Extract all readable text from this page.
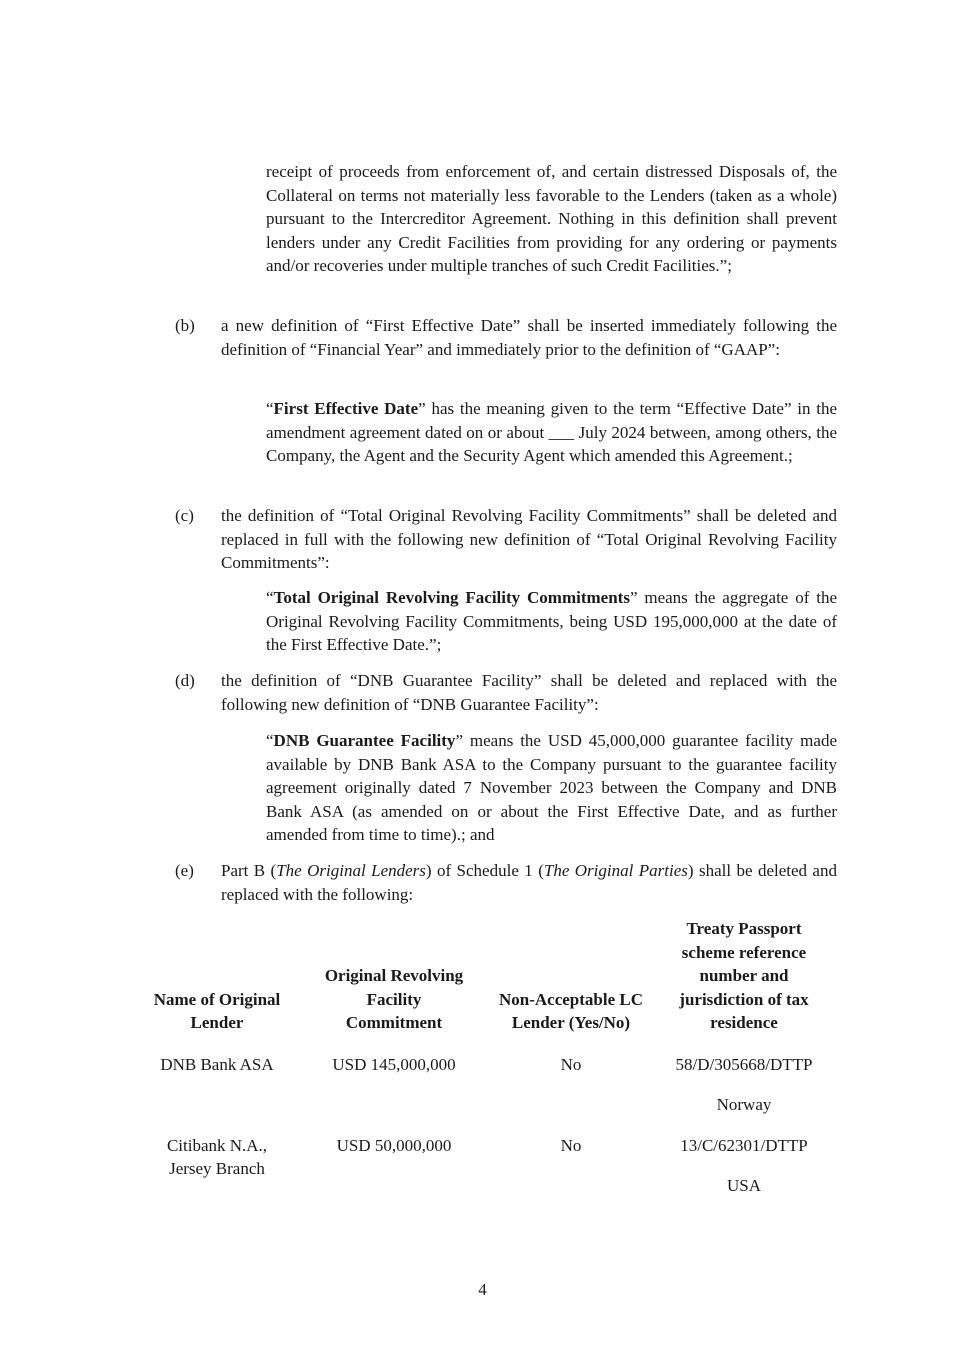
receipt of proceeds from enforcement of, and certain distressed Disposals of, the Collateral on terms not materially less favorable to the Lenders (taken as a whole) pursuant to the Intercreditor Agreement. Nothing in this definition shall prevent lenders under any Credit Facilities from providing for any ordering or payments and/or recoveries under multiple tranches of such Credit Facilities.”;

(b)	a new definition of “First Effective Date” shall be inserted immediately following the definition of “Financial Year” and immediately prior to the definition of “GAAP”:

“First Effective Date” has the meaning given to the term “Effective Date” in the amendment agreement dated on or about ___ July 2024 between, among others, the Company, the Agent and the Security Agent which amended this Agreement.;

(c)	the definition of “Total Original Revolving Facility Commitments” shall be deleted and replaced in full with the following new definition of “Total Original Revolving Facility Commitments”:

“Total Original Revolving Facility Commitments” means the aggregate of the Original Revolving Facility Commitments, being USD 195,000,000 at the date of the First Effective Date.”;

(d)	the definition of “DNB Guarantee Facility” shall be deleted and replaced with the following new definition of “DNB Guarantee Facility”:

“DNB Guarantee Facility” means the USD 45,000,000 guarantee facility made available by DNB Bank ASA to the Company pursuant to the guarantee facility agreement originally dated 7 November 2023 between the Company and DNB Bank ASA (as amended on or about the First Effective Date, and as further amended from time to time).; and

(e)	Part B (The Original Lenders) of Schedule 1 (The Original Parties) shall be deleted and replaced with the following:

Name of Original Lender	Original Revolving Facility Commitment	Non-Acceptable LC Lender (Yes/No)	Treaty Passport scheme reference number and jurisdiction of tax residence
DNB Bank ASA	USD 145,000,000	No	58/D/305668/DTTP
Norway

Citibank N.A., Jersey Branch	USD 50,000,000	No	13/C/62301/DTTP
USA
4
